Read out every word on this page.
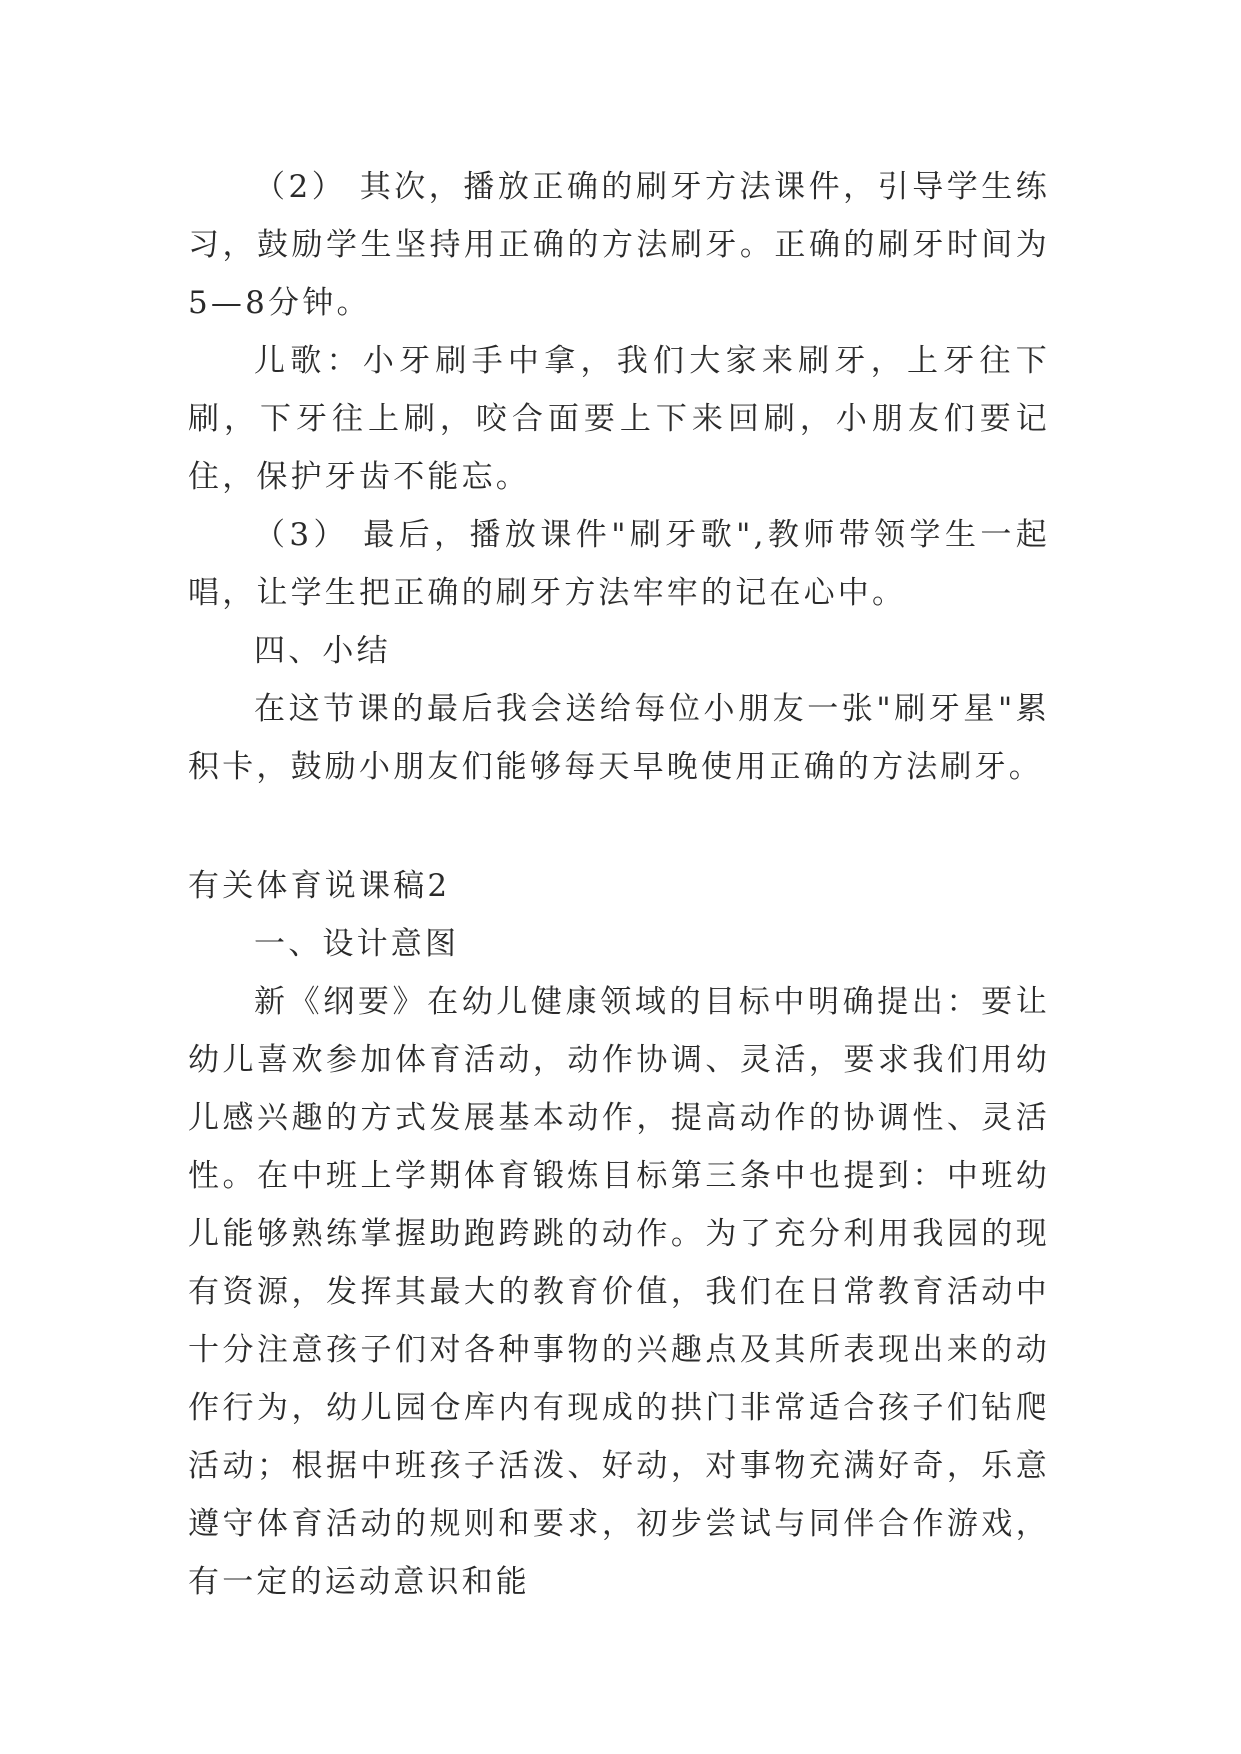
（2） 其次，播放正确的刷牙方法课件，引导学生练习，鼓励学生坚持用正确的方法刷牙。正确的刷牙时间为5—8分钟。

儿歌：小牙刷手中拿，我们大家来刷牙，上牙往下刷，下牙往上刷，咬合面要上下来回刷，小朋友们要记住，保护牙齿不能忘。

（3） 最后，播放课件"刷牙歌",教师带领学生一起唱，让学生把正确的刷牙方法牢牢的记在心中。

四、小结

在这节课的最后我会送给每位小朋友一张"刷牙星"累积卡，鼓励小朋友们能够每天早晚使用正确的方法刷牙。

有关体育说课稿2

一、设计意图

新《纲要》在幼儿健康领域的目标中明确提出：要让幼儿喜欢参加体育活动，动作协调、灵活，要求我们用幼儿感兴趣的方式发展基本动作，提高动作的协调性、灵活性。在中班上学期体育锻炼目标第三条中也提到：中班幼儿能够熟练掌握助跑跨跳的动作。为了充分利用我园的现有资源，发挥其最大的教育价值，我们在日常教育活动中十分注意孩子们对各种事物的兴趣点及其所表现出来的动作行为，幼儿园仓库内有现成的拱门非常适合孩子们钻爬活动；根据中班孩子活泼、好动，对事物充满好奇，乐意遵守体育活动的规则和要求，初步尝试与同伴合作游戏，有一定的运动意识和能
